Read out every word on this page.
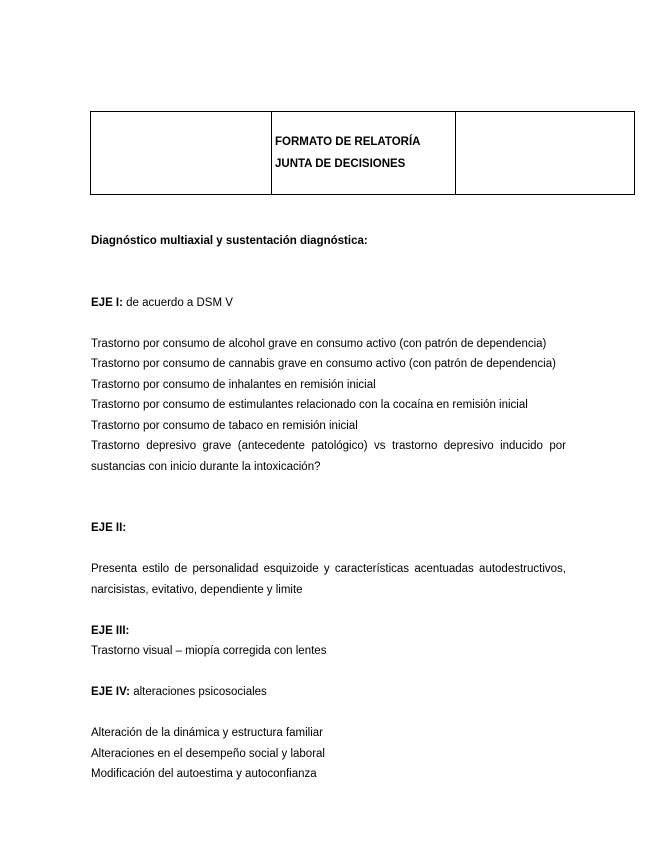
FORMATO DE RELATORÍA
JUNTA DE DECISIONES

Diagnóstico multiaxial y sustentación diagnóstica:
EJE I: de acuerdo a DSM V
Trastorno por consumo de alcohol grave en consumo activo (con patrón de dependencia)
Trastorno por consumo de cannabis grave en consumo activo (con patrón de dependencia)
Trastorno por consumo de inhalantes en remisión inicial
Trastorno por consumo de estimulantes relacionado con la cocaína en remisión inicial
Trastorno por consumo de tabaco en remisión inicial
Trastorno depresivo grave (antecedente patológico) vs trastorno depresivo inducido por sustancias con inicio durante la intoxicación?
EJE II:
Presenta estilo de personalidad esquizoide y características acentuadas autodestructivos, narcisistas, evitativo, dependiente y limite
EJE III:
Trastorno visual – miopía corregida con lentes
EJE IV: alteraciones psicosociales
Alteración de la dinámica y estructura familiar
Alteraciones en el desempeño social y laboral
Modificación del autoestima y autoconfianza
